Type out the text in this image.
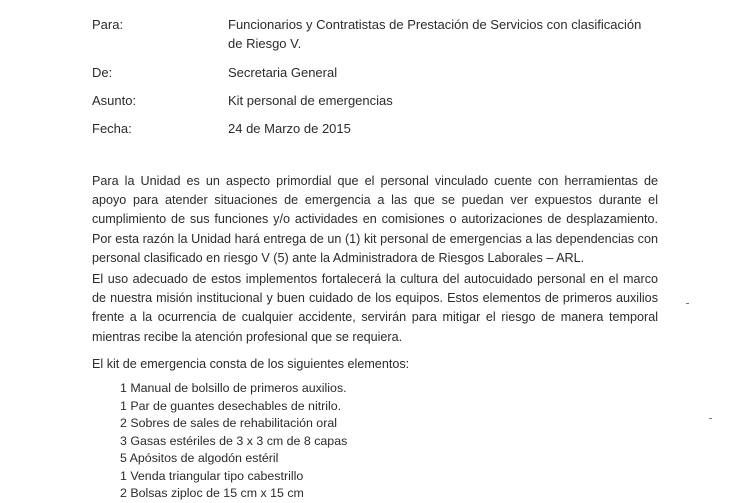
Para:	Funcionarios y Contratistas de Prestación de Servicios con clasificación de Riesgo V.
De:	Secretaria General
Asunto:	Kit personal de emergencias
Fecha:	24 de Marzo de 2015

Para la Unidad es un aspecto primordial que el personal vinculado cuente con herramientas de apoyo para atender situaciones de emergencia a las que se puedan ver expuestos durante el cumplimiento de sus funciones y/o actividades en comisiones o autorizaciones de desplazamiento. Por esta razón la Unidad hará entrega de un (1) kit personal de emergencias a las dependencias con personal clasificado en riesgo V (5) ante la Administradora de Riesgos Laborales – ARL.

El uso adecuado de estos implementos fortalecerá la cultura del autocuidado personal en el marco de nuestra misión institucional y buen cuidado de los equipos. Estos elementos de primeros auxilios frente a la ocurrencia de cualquier accidente, servirán para mitigar el riesgo de manera temporal mientras recibe la atención profesional que se requiera.

El kit de emergencia consta de los siguientes elementos:
1 Manual de bolsillo de primeros auxilios.
1 Par de guantes desechables de nitrilo.
2 Sobres de sales de rehabilitación oral
3 Gasas estériles de 3 x 3 cm de 8 capas
5 Apósitos de algodón estéril
1 Venda triangular tipo cabestrillo
2 Bolsas ziploc de 15 cm x 15 cm
